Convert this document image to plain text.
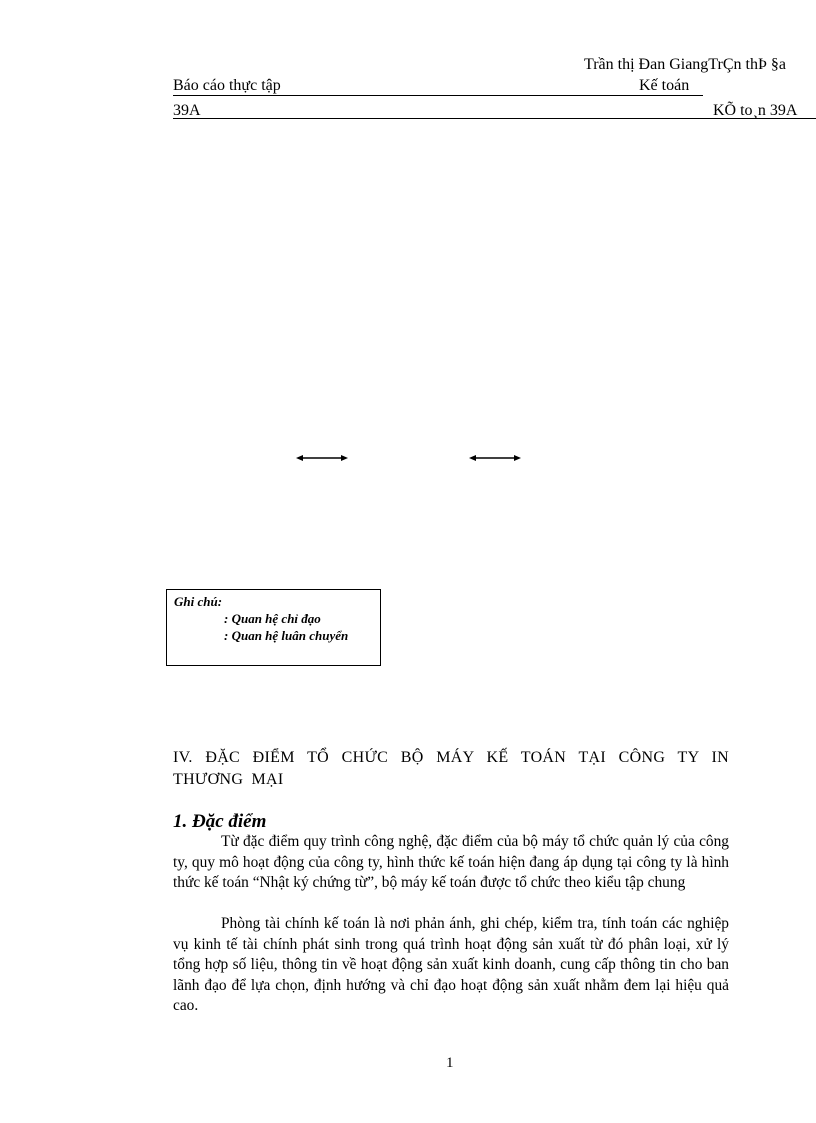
Trần thị Đan GiangTrÇn thÞ §a
Báo cáo thực tập	Kế toán
39A	KÕ to¸n 39A
Ghi chú:
: Quan hệ chỉ đạo
: Quan hệ luân chuyển
IV. ĐẶC ĐIỂM TỔ CHỨC BỘ MÁY KẾ TOÁN TẠI CÔNG TY IN THƯƠNG MẠI
1. Đặc điểm
Từ đặc điểm quy trình công nghệ, đặc điểm của bộ máy tổ chức quản lý của công ty, quy mô hoạt động của công ty, hình thức kế toán hiện đang áp dụng tại công ty là hình thức kế toán “Nhật ký chứng từ”, bộ máy kế toán được tổ chức theo kiểu tập chung
Phòng tài chính kế toán là nơi phản ánh, ghi chép, kiểm tra, tính toán các nghiệp vụ kinh tế tài chính phát sinh trong quá trình hoạt động sản xuất từ đó phân loại, xử lý tổng hợp số liệu, thông tin về hoạt động sản xuất kinh doanh, cung cấp thông tin cho ban lãnh đạo để lựa chọn, định hướng và chỉ đạo hoạt động sản xuất nhằm đem lại hiệu quả cao.
1
